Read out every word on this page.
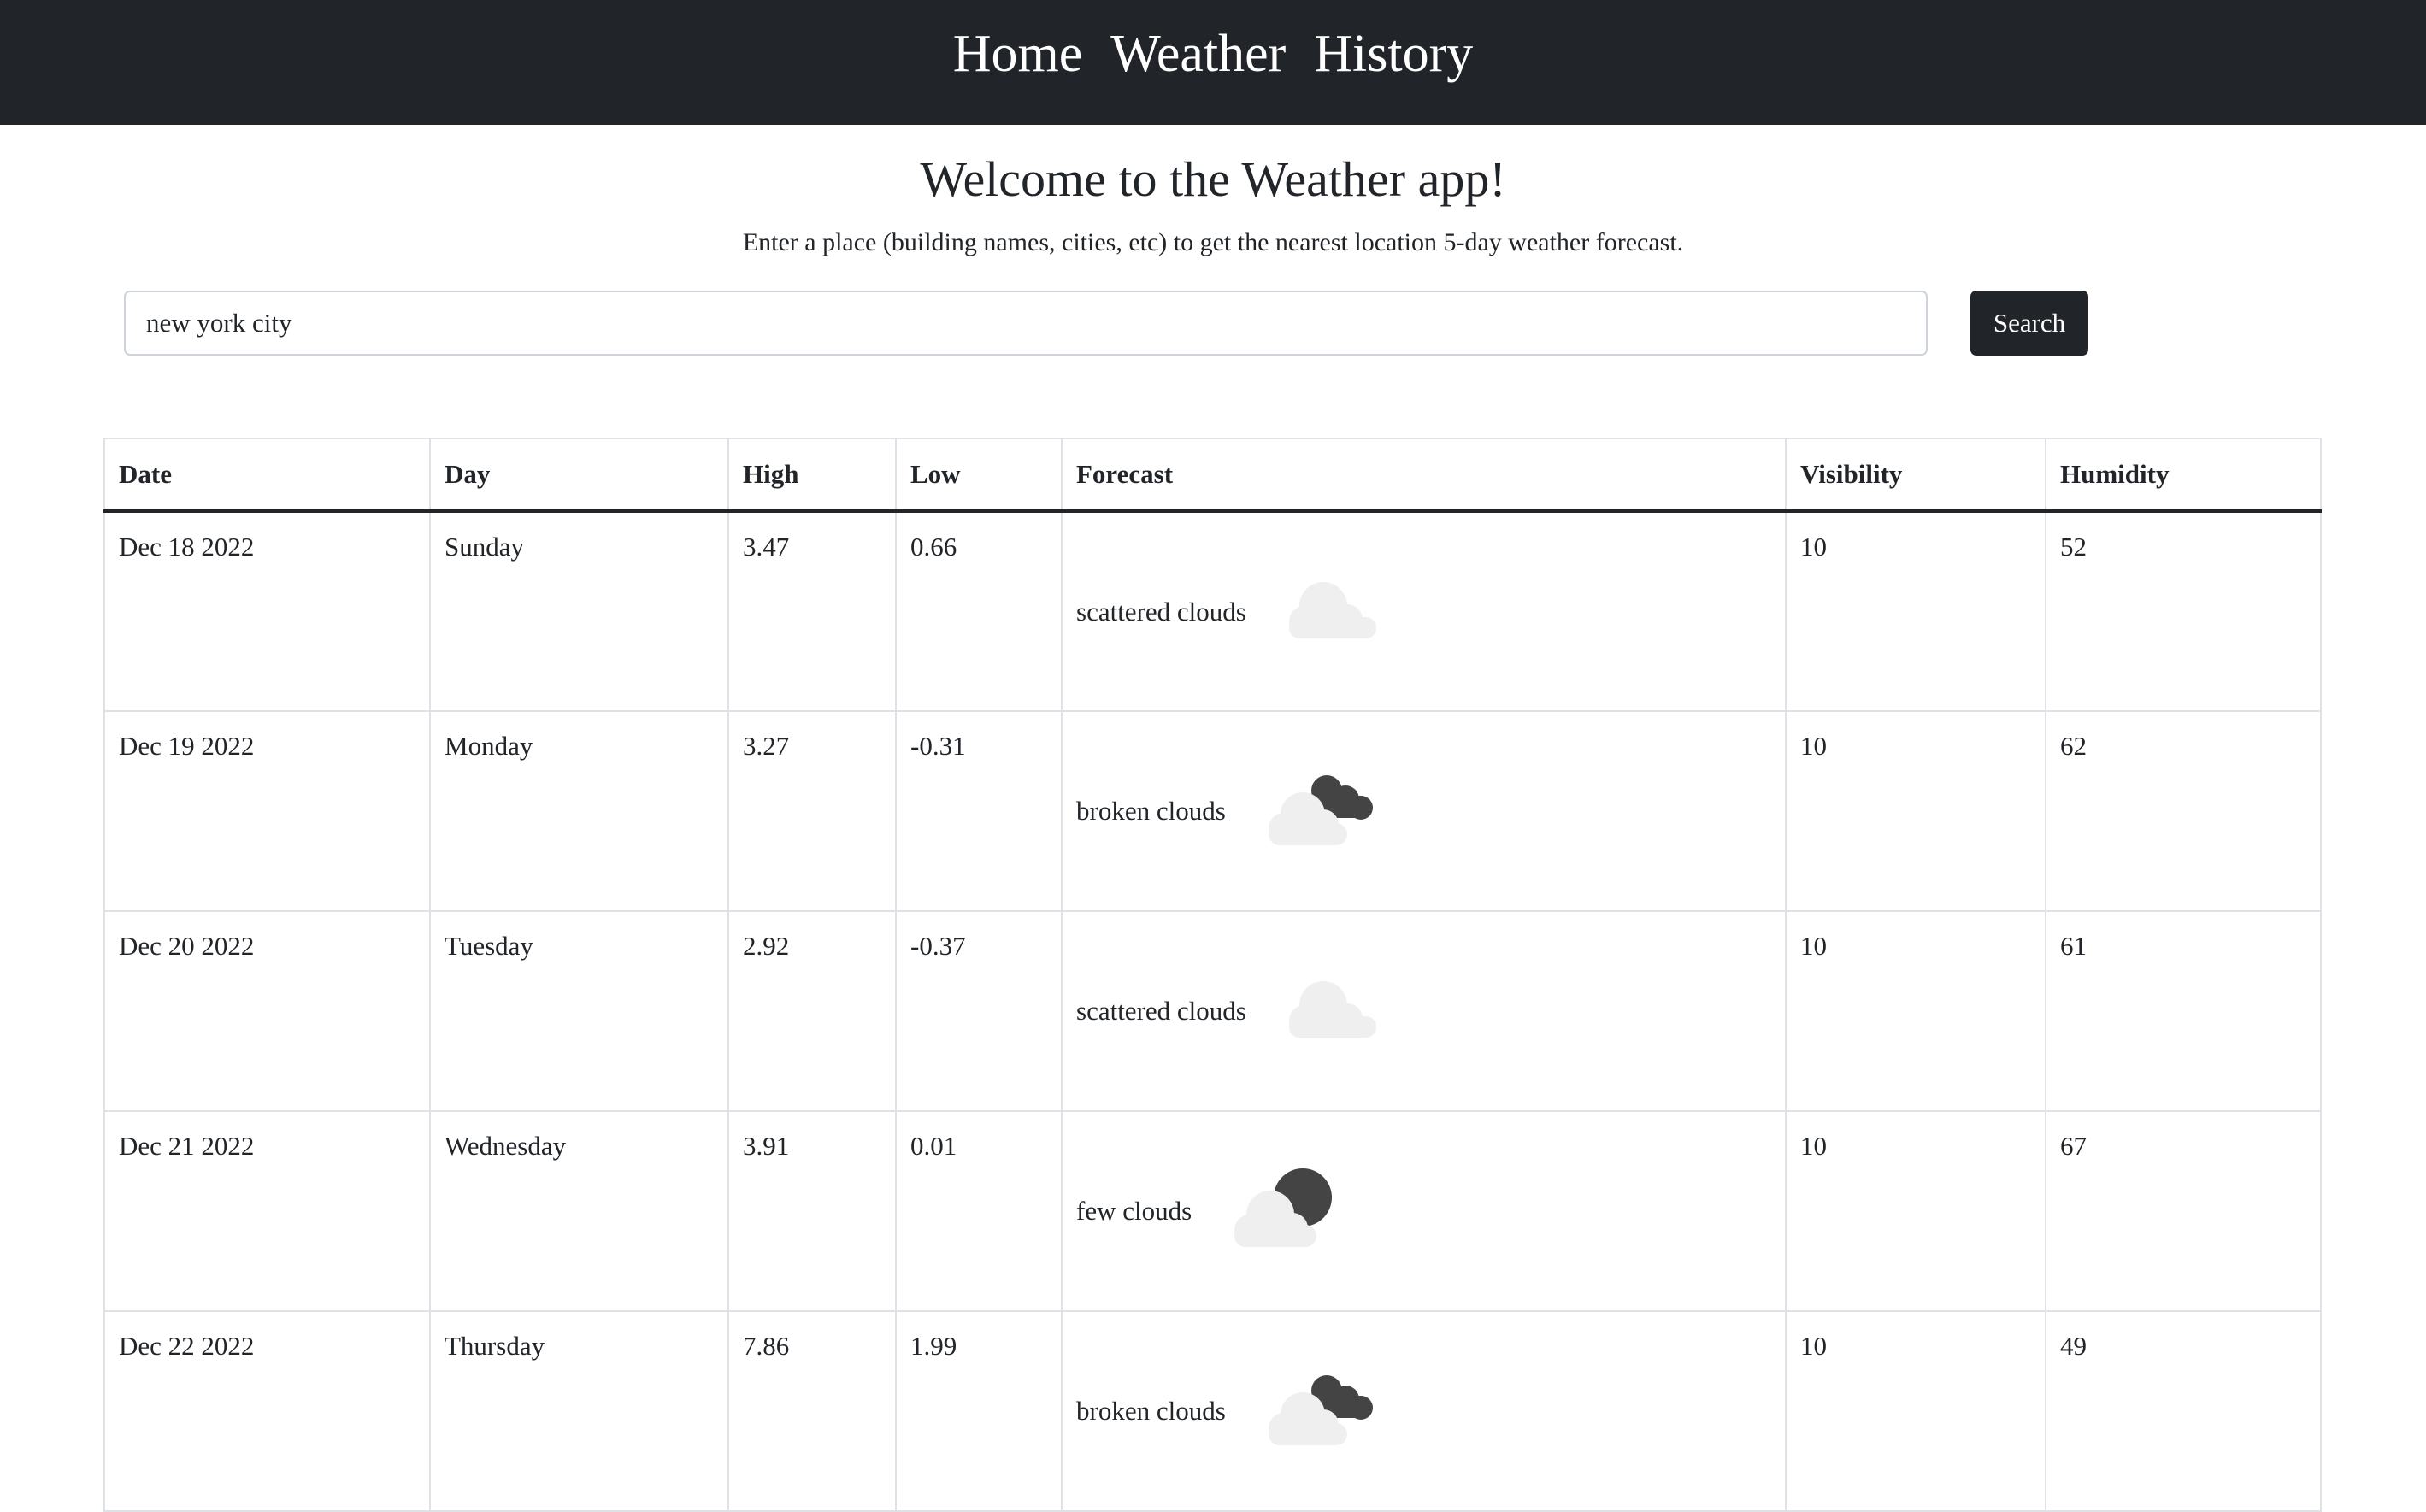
Home Weather History
Welcome to the Weather app!

Enter a place (building names, cities, etc) to get the nearest location 5-day weather forecast.

new york city
Search
Date	Day	High	Low	Forecast	Visibility	Humidity
Dec 18 2022	Sunday	3.47	0.66	scattered clouds	10	52
Dec 19 2022	Monday	3.27	-0.31	broken clouds	10	62
Dec 20 2022	Tuesday	2.92	-0.37	scattered clouds	10	61
Dec 21 2022	Wednesday	3.91	0.01	few clouds	10	67
Dec 22 2022	Thursday	7.86	1.99	broken clouds	10	49
